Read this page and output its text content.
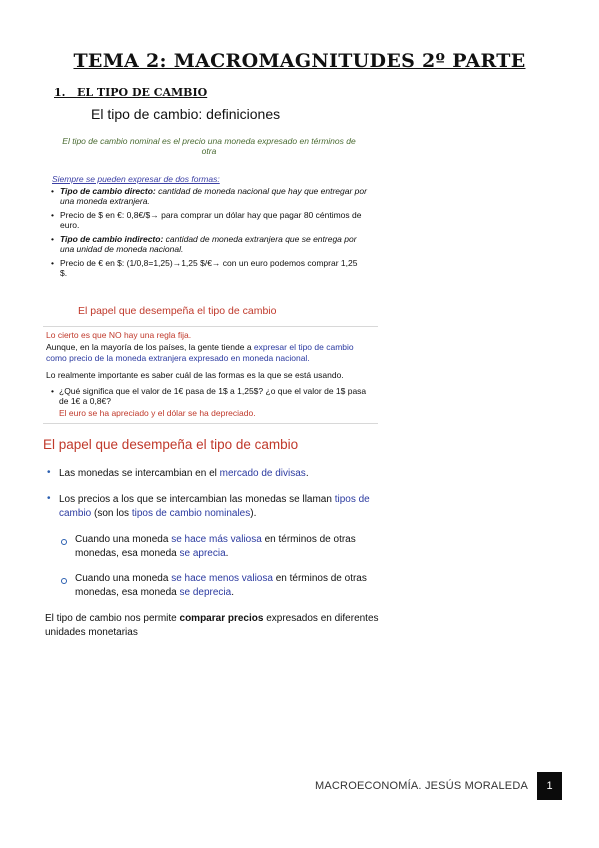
TEMA 2: MACROMAGNITUDES 2º PARTE
1. EL TIPO DE CAMBIO
El tipo de cambio: definiciones
El tipo de cambio nominal es el precio una moneda expresado en términos de
otra
Siempre se pueden expresar de dos formas:
• Tipo de cambio directo: cantidad de moneda nacional que hay que entregar por
una moneda extranjera.
• Precio de $ en €: 0,8€/$→ para comprar un dólar hay que pagar 80 céntimos de
euro.
• Tipo de cambio indirecto: cantidad de moneda extranjera que se entrega por
una unidad de moneda nacional.
• Precio de € en $: (1/0,8=1,25)→1,25 $/€→ con un euro podemos comprar 1,25
$.
El papel que desempeña el tipo de cambio
Lo cierto es que NO hay una regla fija.
Aunque, en la mayoría de los países, la gente tiende a expresar el tipo de cambio
como precio de la moneda extranjera expresado en moneda nacional.
Lo realmente importante es saber cuál de las formas es la que se está usando.
• ¿Qué significa que el valor de 1€ pasa de 1$ a 1,25$? ¿o que el valor de 1$ pasa
de 1€ a 0,8€?
El euro se ha apreciado y el dólar se ha depreciado.
El papel que desempeña el tipo de cambio
• Las monedas se intercambian en el mercado de divisas.
• Los precios a los que se intercambian las monedas se llaman tipos de
cambio (son los tipos de cambio nominales).
Cuando una moneda se hace más valiosa en términos de otras
monedas, esa moneda se aprecia.
Cuando una moneda se hace menos valiosa en términos de otras
monedas, esa moneda se deprecia.
El tipo de cambio nos permite comparar precios expresados en diferentes
unidades monetarias
MACROECONOMÍA. JESÚS MORALEDA	1
